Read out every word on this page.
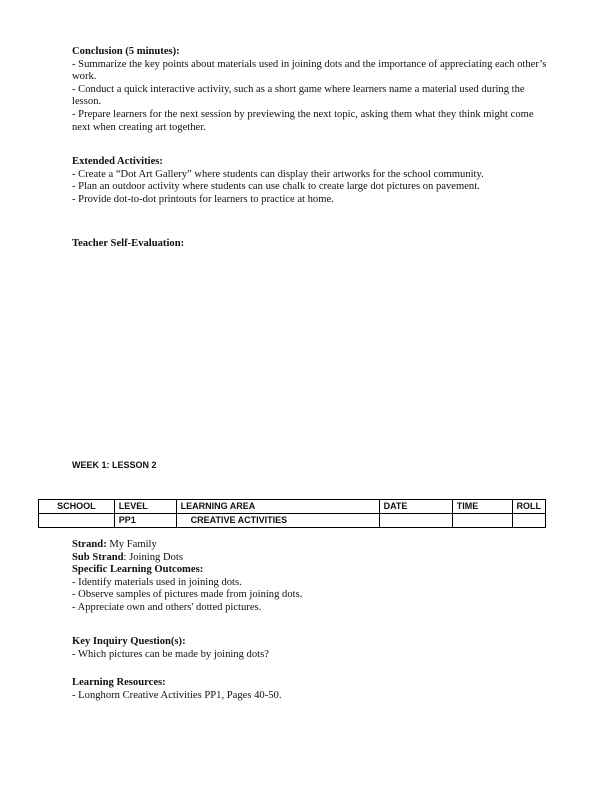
Conclusion (5 minutes):

- Summarize the key points about materials used in joining dots and the importance of appreciating each other’s work.

- Conduct a quick interactive activity, such as a short game where learners name a material used during the lesson.

- Prepare learners for the next session by previewing the next topic, asking them what they think might come next when creating art together.

Extended Activities:

- Create a “Dot Art Gallery” where students can display their artworks for the school community.

- Plan an outdoor activity where students can use chalk to create large dot pictures on pavement.

- Provide dot-to-dot printouts for learners to practice at home.

Teacher Self-Evaluation:

WEEK 1: LESSON 2
SCHOOL	LEVEL	LEARNING AREA	DATE	TIME	ROLL
	PP1	CREATIVE ACTIVITIES			

Strand: My Family

Sub Strand: Joining Dots

Specific Learning Outcomes:

- Identify materials used in joining dots.

- Observe samples of pictures made from joining dots.

- Appreciate own and others' dotted pictures.

Key Inquiry Question(s):

- Which pictures can be made by joining dots?

Learning Resources:

- Longhorn Creative Activities PP1, Pages 40-50.
